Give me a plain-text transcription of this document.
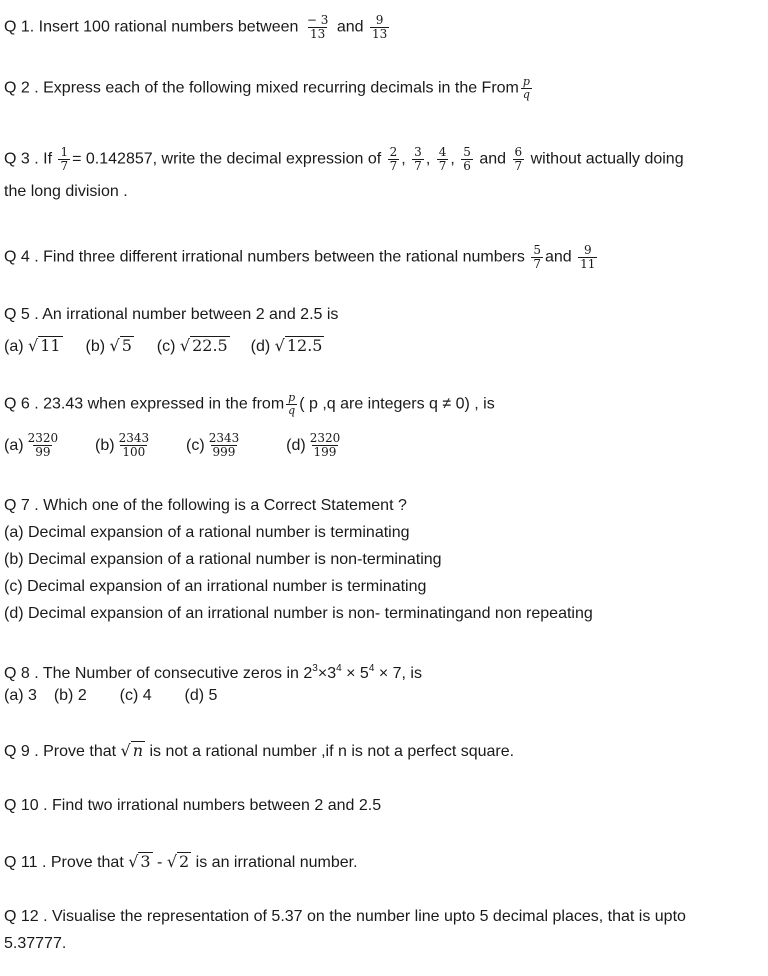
Q 1. Insert 100 rational numbers between $\frac{- 3}{13}$ and $\frac{9}{13}$
Q 2 . Express each of the following mixed recurring decimals in the From $\frac{p}{q}$
Q 3 . If $\frac{1}{7} = 0.142857$, write the decimal expression of $\frac{2}{7}$ , $\frac{3}{7}$ , $\frac{4}{7}$ , $\frac{5}{6}$ and $\frac{6}{7}$ without actually doing
the long division .
Q 4 . Find three different irrational numbers between the rational numbers $\frac{5}{7}$ and $\frac{9}{11}$
Q 5 . An irrational number between 2 and 2.5 is
(a) √ 11 (b) √ 5 (c) √ 22.5 (d) √ 12.5
Q 6 . 23.43 when expressed in the from $\frac{p}{q}$ ( p ,q are integers q ≠ 0) , is
$(a) \frac{2320}{99} (b) \frac{2343}{100} (c) \frac{2343}{999}$	$(d) \frac{2320}{199}$
Q 7 . Which one of the following is a Correct Statement ?
(a) Decimal expansion of a rational number is terminating
(b) Decimal expansion of a rational number is non-terminating
(c) Decimal expansion of an irrational number is terminating
(d) Decimal expansion of an irrational number is non- terminatingand non repeating
Q 8 . The Number of consecutive zeros in $2^3\times 3^4 \times 5^4 \times 7$, is
(a) 3 (b) 2 (c) 4 (d) 5
Q 9 . Prove that √ n is not a rational number ,if n is not a perfect square.
Q 10 . Find two irrational numbers between 2 and 2.5
Q 11 . Prove that √ 3 - √ 2 is an irrational number.
Q 12 . Visualise the representation of 5.37 on the number line upto 5 decimal places, that is upto
5.37777.
